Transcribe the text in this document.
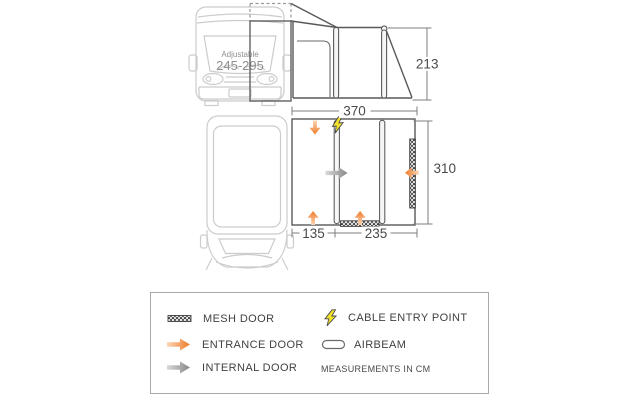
Adjustable
245-295
370
135	235
310
213
MESH DOOR
ENTRANCE DOOR
INTERNAL DOOR
CABLE ENTRY POINT
AIRBEAM
MEASUREMENTS IN CM
